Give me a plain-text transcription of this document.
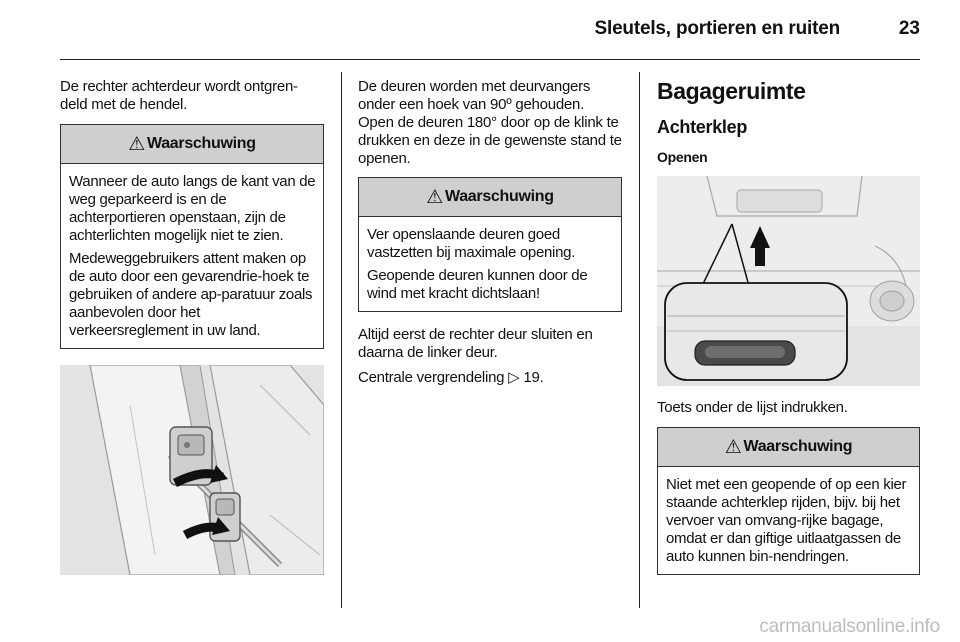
Sleutels, portieren en ruiten	23

De rechter achterdeur wordt ontgren-deld met de hendel.

⚠ Waarschuwing

Wanneer de auto langs de kant van de weg geparkeerd is en de achterportieren openstaan, zijn de achterlichten mogelijk niet te zien.

Medeweggebruikers attent maken op de auto door een gevarendrie-hoek te gebruiken of andere ap-paratuur zoals aanbevolen door het verkeersreglement in uw land.

De deuren worden met deurvangers onder een hoek van 90º gehouden. Open de deuren 180° door op de klink te drukken en deze in de gewenste stand te openen.

⚠ Waarschuwing

Ver openslaande deuren goed vastzetten bij maximale opening.

Geopende deuren kunnen door de wind met kracht dichtslaan!

Altijd eerst de rechter deur sluiten en daarna de linker deur.

Centrale vergrendeling ▷ 19.

Bagageruimte
Achterklep
Openen

Toets onder de lijst indrukken.

⚠ Waarschuwing

Niet met een geopende of op een kier staande achterklep rijden, bijv. bij het vervoer van omvang-rijke bagage, omdat er dan giftige uitlaatgassen de auto kunnen bin-nendringen.

carmanualsonline.info
